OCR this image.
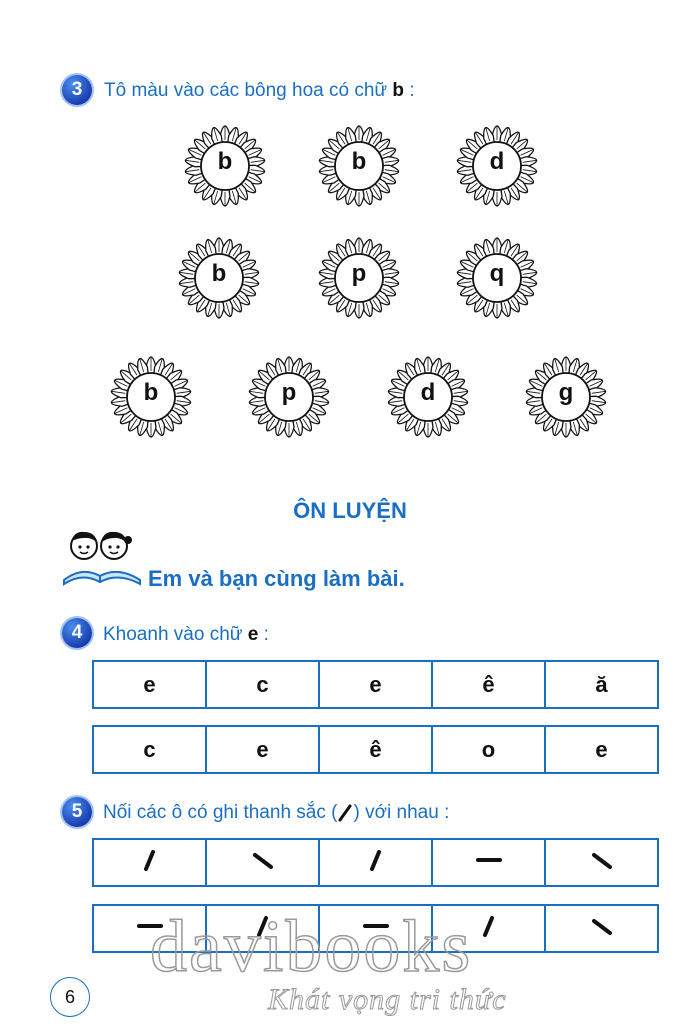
3	Tô màu vào các bông hoa có chữ b :
b	b	d
b	p	q
b	p	d	g
ÔN LUYỆN
Em và bạn cùng làm bài.
4	Khoanh vào chữ e :
e	c	e	ê	ă
c	e	ê	o	e
5	Nối các ô có ghi thanh sắc ( ) với nhau :

davibooks
Khát vọng tri thức
6
